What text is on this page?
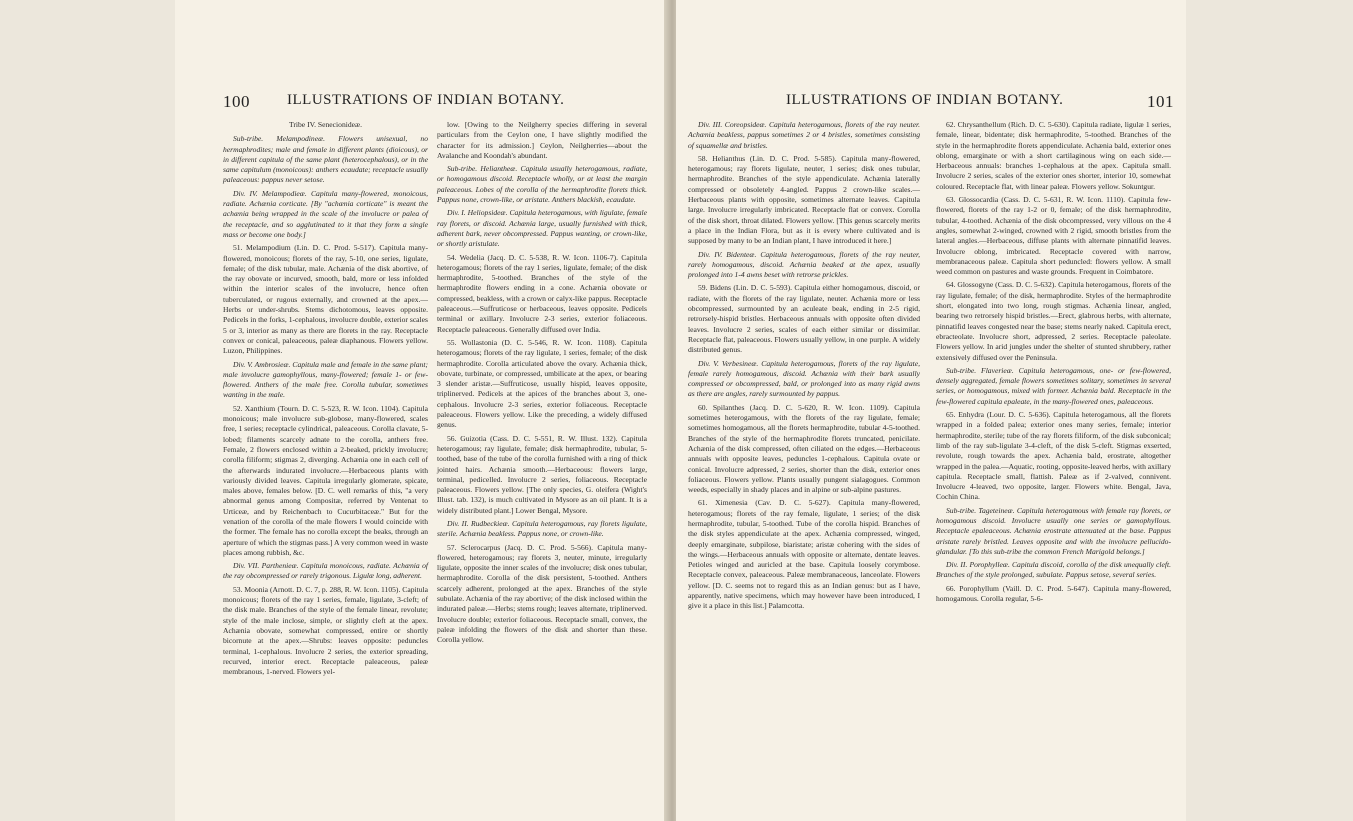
100 ILLUSTRATIONS OF INDIAN BOTANY.

Tribe IV. Senecionideæ.

Sub-tribe. Melampodineæ. Flowers unisexual, no hermaphrodites; male and female in different plants (dioicous), or in different capitula of the same plant (heterocephalous), or in the same capitulum (monoicous): anthers ecaudate; receptacle usually paleaceous: pappus never setose.

Div. IV. Melampodieæ. Capitula many-flowered, monoicous, radiate. Achænia corticate. [By "achænia corticate" is meant the achænia being wrapped in the scale of the involucre or palea of the receptacle, and so agglutinated to it that they form a single mass or become one body.]

51. Melampodium (Lin. D. C. Prod. 5-517). Capitula many-flowered, monoicous; florets of the ray, 5-10, one series, ligulate, female; of the disk tubular, male. Achænia of the disk abortive, of the ray obovate or incurved, smooth, bald, more or less infolded within the interior scales of the involucre, hence often tuberculated, or rugous externally, and crowned at the apex.—Herbs or under-shrubs. Stems dichotomous, leaves opposite. Pedicels in the forks, 1-cephalous, involucre double, exterior scales 5 or 3, interior as many as there are florets in the ray. Receptacle convex or conical, paleaceous, paleæ diaphanous. Flowers yellow. Luzon, Philippines.

Div. V. Ambrosieæ. Capitula male and female in the same plant; male involucre gamophyllous, many-flowered; female 1- or few-flowered. Anthers of the male free. Corolla tubular, sometimes wanting in the male.

52. Xanthium (Tourn. D. C. 5-523, R. W. Icon. 1104). Capitula monoicous; male involucre sub-globose, many-flowered, scales free, 1 series; receptacle cylindrical, paleaceous. Corolla clavate, 5-lobed; filaments scarcely adnate to the corolla, anthers free. Female, 2 flowers enclosed within a 2-beaked, prickly involucre; corolla filiform; stigmas 2, diverging. Achænia one in each cell of the afterwards indurated involucre.—Herbaceous plants with variously divided leaves. Capitula irregularly glomerate, spicate, males above, females below. [D. C. well remarks of this, "a very abnormal genus among Compositæ, referred by Ventenat to Urticeæ, and by Reichenbach to Cucurbitaceæ." But for the venation of the corolla of the male flowers I would coincide with the former. The female has no corolla except the beaks, through an aperture of which the stigmas pass.] A very common weed in waste places among rubbish, &c.

Div. VII. Parthenieæ. Capitula monoicous, radiate. Achænia of the ray obcompressed or rarely trigonous. Ligulæ long, adherent.

53. Moonia (Arnott. D. C. 7, p. 288, R. W. Icon. 1105). Capitula monoicous; florets of the ray 1 series, female, ligulate, 3-cleft; of the disk male. Branches of the style of the female linear, revolute; style of the male inclose, simple, or slightly cleft at the apex. Achænia obovate, somewhat compressed, entire or shortly bicornute at the apex.—Shrubs: leaves opposite: peduncles terminal, 1-cephalous. Involucre 2 series, the exterior spreading, recurved, interior erect. Receptacle paleaceous, paleæ membranous, 1-nerved. Flowers yel-

low. [Owing to the Neilgherry species differing in several particulars from the Ceylon one, I have slightly modified the character for its admission.] Ceylon, Neilgherries—about the Avalanche and Koondah's abundant.

Sub-tribe. Helianthеæ. Capitula usually heterogamous, radiate, or homogamous discoid. Receptacle wholly, or at least the margin paleaceous. Lobes of the corolla of the hermaphrodite florets thick. Pappus none, crown-like, or aristate. Anthers blackish, ecaudate.

Div. I. Heliopsideæ. Capitula heterogamous, with ligulate, female ray florets, or discoid. Achænia large, usually furnished with thick, adherent bark, never obcompressed. Pappus wanting, or crown-like, or shortly aristulate.

54. Wedelia (Jacq. D. C. 5-538, R. W. Icon. 1106-7). Capitula heterogamous; florets of the ray 1 series, ligulate, female; of the disk hermaphrodite, 5-toothed. Branches of the style of the hermaphrodite flowers ending in a cone. Achænia obovate or compressed, beakless, with a crown or calyx-like pappus. Receptacle paleaceous.—Suffruticose or herbaceous, leaves opposite. Pedicels terminal or axillary. Involucre 2-3 series, exterior foliaceous. Receptacle paleaceous. Generally diffused over India.

55. Wollastonia (D. C. 5-546, R. W. Icon. 1108). Capitula heterogamous; florets of the ray ligulate, 1 series, female; of the disk hermaphrodite. Corolla articulated above the ovary. Achænia thick, obovate, turbinate, or compressed, umbilicate at the apex, or bearing 3 slender aristæ.—Suffruticose, usually hispid, leaves opposite, triplinerved. Pedicels at the apices of the branches about 3, one-cephalous. Involucre 2-3 series, exterior foliaceous. Receptacle paleaceous. Flowers yellow. Like the preceding, a widely diffused genus.

56. Guizotia (Cass. D. C. 5-551, R. W. Illust. 132). Capitula heterogamous; ray ligulate, female; disk hermaphrodite, tubular, 5-toothed, base of the tube of the corolla furnished with a ring of thick jointed hairs. Achænia smooth.—Herbaceous: flowers large, terminal, pedicelled. Involucre 2 series, foliaceous. Receptacle paleaceous. Flowers yellow. [The only species, G. oleifera (Wight's Illust. tab. 132), is much cultivated in Mysore as an oil plant. It is a widely distributed plant.] Lower Bengal, Mysore.

Div. II. Rudbeckieæ. Capitula heterogamous, ray florets ligulate, sterile. Achænia beakless. Pappus none, or crown-like.

57. Sclerocarpus (Jacq. D. C. Prod. 5-566). Capitula many-flowered, heterogamous; ray florets 3, neuter, minute, irregularly ligulate, opposite the inner scales of the involucre; disk ones tubular, hermaphrodite. Corolla of the disk persistent, 5-toothed. Anthers scarcely adherent, prolonged at the apex. Branches of the style subulate. Achænia of the ray abortive; of the disk inclosed within the indurated paleæ.—Herbs; stems rough; leaves alternate, triplinerved. Involucre double; exterior foliaceous. Receptacle small, convex, the paleæ infolding the flowers of the disk and shorter than these. Corolla yellow.

ILLUSTRATIONS OF INDIAN BOTANY.	101

Div. III. Coreopsideæ. Capitula heterogamous, florets of the ray neuter. Achænia beakless, pappus sometimes 2 or 4 bristles, sometimes consisting of squamellæ and bristles.

58. Helianthus (Lin. D. C. Prod. 5-585). Capitula many-flowered, heterogamous; ray florets ligulate, neuter, 1 series; disk ones tubular, hermaphrodite. Branches of the style appendiculate. Achænia laterally compressed or obsoletely 4-angled. Pappus 2 crown-like scales.—Herbaceous plants with opposite, sometimes alternate leaves. Capitula large. Involucre irregularly imbricated. Receptacle flat or convex. Corolla of the disk short, throat dilated. Flowers yellow. [This genus scarcely merits a place in the Indian Flora, but as it is every where cultivated and is supposed by many to be an Indian plant, I have introduced it here.]

Div. IV. Bidentеæ. Capitula heterogamous, florets of the ray neuter, rarely homogamous, discoid. Achænia beaked at the apex, usually prolonged into 1-4 awns beset with retrorse prickles.

59. Bidens (Lin. D. C. 5-593). Capitula either homogamous, discoid, or radiate, with the florets of the ray ligulate, neuter. Achænia more or less obcompressed, surmounted by an aculeate beak, ending in 2-5 rigid, retrorsely-hispid bristles. Herbaceous annuals with opposite often divided leaves. Involucre 2 series, scales of each either similar or dissimilar. Receptacle flat, paleaceous. Flowers usually yellow, in one purple. A widely distributed genus.

Div. V. Verbesineæ. Capitula heterogamous, florets of the ray ligulate, female rarely homogamous, discoid. Achænia with their bark usually compressed or obcompressed, bald, or prolonged into as many rigid awns as there are angles, rarely surmounted by pappus.

60. Spilanthes (Jacq. D. C. 5-620, R. W. Icon. 1109). Capitula sometimes heterogamous, with the florets of the ray ligulate, female; sometimes homogamous, all the florets hermaphrodite, tubular 4-5-toothed. Branches of the style of the hermaphrodite florets truncated, penicilate. Achænia of the disk compressed, often ciliated on the edges.—Herbaceous annuals with opposite leaves, peduncles 1-cephalous. Capitula ovate or conical. Involucre adpressed, 2 series, shorter than the disk, exterior ones foliaceous. Flowers yellow. Plants usually pungent sialagogues. Common weeds, especially in shady places and in alpine or sub-alpine pastures.

61. Ximenesia (Cav. D. C. 5-627). Capitula many-flowered, heterogamous; florets of the ray female, ligulate, 1 series; of the disk hermaphrodite, tubular, 5-toothed. Tube of the corolla hispid. Branches of the disk styles appendiculate at the apex. Achænia compressed, winged, deeply emarginate, subpilose, biaristate; aristæ cohering with the sides of the wings.—Herbaceous annuals with opposite or alternate, dentate leaves. Petioles winged and auricled at the base. Capitula loosely corymbose. Receptacle convex, paleaceous. Paleæ membranaceous, lanceolate. Flowers yellow. [D. C. seems not to regard this as an Indian genus: but as I have, apparently, native specimens, which may however have been introduced, I give it a place in this list.] Palamcotta.

62. Chrysanthellum (Rich. D. C. 5-630). Capitula radiate, ligulæ 1 series, female, linear, bidentate; disk hermaphrodite, 5-toothed. Branches of the style in the hermaphrodite florets appendiculate. Achænia bald, exterior ones oblong, emarginate or with a short cartilaginous wing on each side.—Herbaceous annuals: branches 1-cephalous at the apex. Capitula small. Involucre 2 series, scales of the exterior ones shorter, interior 10, somewhat coloured. Receptacle flat, with linear paleæ. Flowers yellow. Sokuntgur.

63. Glossocardia (Cass. D. C. 5-631, R. W. Icon. 1110). Capitula few-flowered, florets of the ray 1-2 or 0, female; of the disk hermaphrodite, tubular, 4-toothed. Achænia of the disk obcompressed, very villous on the 4 angles, somewhat 2-winged, crowned with 2 rigid, smooth bristles from the lateral angles.—Herbaceous, diffuse plants with alternate pinnatifid leaves. Involucre oblong, imbricated. Receptacle covered with narrow, membranaceous paleæ. Capitula short peduncled: flowers yellow. A small weed common on pastures and waste grounds. Frequent in Coimbatore.

64. Glossogyne (Cass. D. C. 5-632). Capitula heterogamous, florets of the ray ligulate, female; of the disk, hermaphrodite. Styles of the hermaphrodite short, elongated into two long, rough stigmas. Achænia linear, angled, bearing two retrorsely hispid bristles.—Erect, glabrous herbs, with alternate, pinnatifid leaves congested near the base; stems nearly naked. Capitula erect, ebracteolate. Involucre short, adpressed, 2 series. Receptacle paleolate. Flowers yellow. In arid jungles under the shelter of stunted shrubbery, rather extensively diffused over the Peninsula.

Sub-tribe. Flaverieæ. Capitula heterogamous, one- or few-flowered, densely aggregated, female flowers sometimes solitary, sometimes in several series, or homogamous, mixed with former. Achænia bald. Receptacle in the few-flowered capitula epaleate, in the many-flowered ones, paleaceous.

65. Enhydra (Lour. D. C. 5-636). Capitula heterogamous, all the florets wrapped in a folded palea; exterior ones many series, female; interior hermaphrodite, sterile; tube of the ray florets filiform, of the disk subconical; limb of the ray sub-ligulate 3-4-cleft, of the disk 5-cleft. Stigmas exserted, revolute, rough towards the apex. Achænia bald, erostrate, altogether wrapped in the palea.—Aquatic, rooting, opposite-leaved herbs, with axillary capitula. Receptacle small, flattish. Paleæ as if 2-valved, connivent. Involucre 4-leaved, two opposite, larger. Flowers white. Bengal, Java, Cochin China.

Sub-tribe. Tageteineæ. Capitula heterogamous with female ray florets, or homogamous discoid. Involucre usually one series or gamophyllous. Receptacle epaleaceous. Achænia erostrate attenuated at the base. Pappus aristate rarely bristled. Leaves opposite and with the involucre pellucido-glandular. [To this sub-tribe the common French Marigold belongs.]

Div. II. Porophylleæ. Capitula discoid, corolla of the disk unequally cleft. Branches of the style prolonged, subulate. Pappus setose, several series.

66. Porophyllum (Vaill. D. C. Prod. 5-647). Capitula many-flowered, homogamous. Corolla regular, 5-6-
